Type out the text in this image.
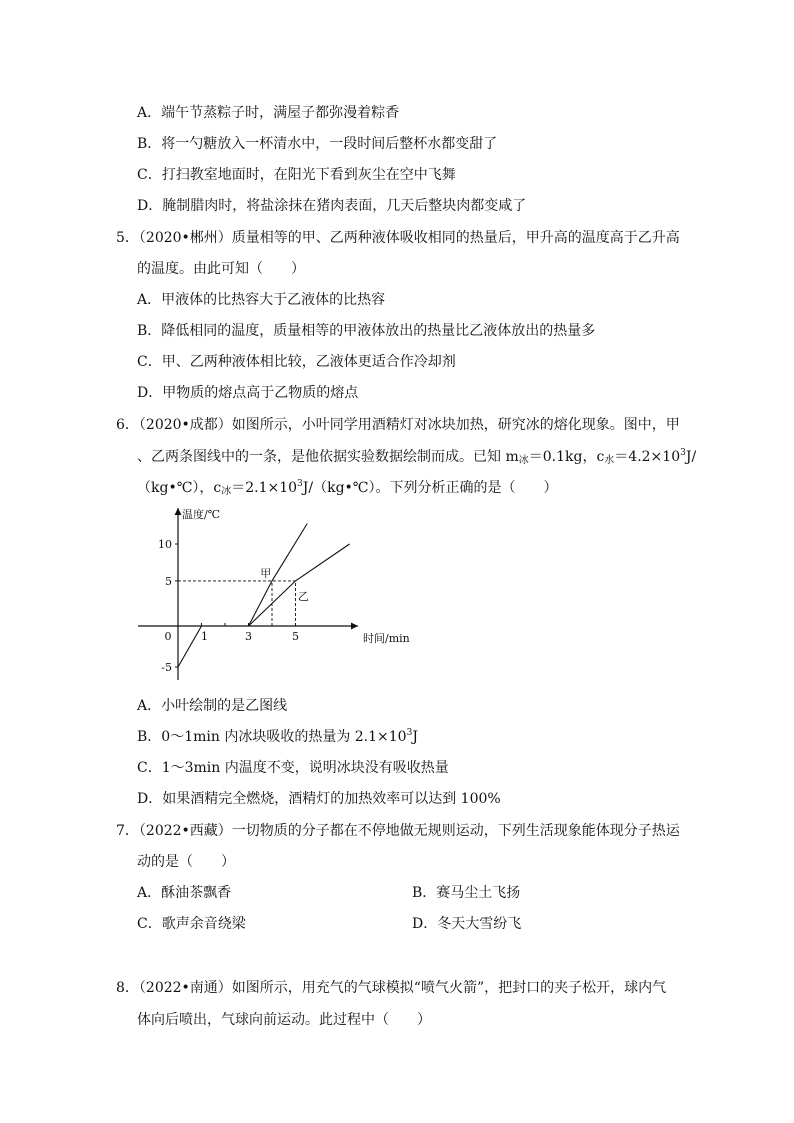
A．端午节蒸粽子时，满屋子都弥漫着粽香
B．将一勺糖放入一杯清水中，一段时间后整杯水都变甜了
C．打扫教室地面时，在阳光下看到灰尘在空中飞舞
D．腌制腊肉时，将盐涂抹在猪肉表面，几天后整块肉都变咸了
5．（2020•郴州）质量相等的甲、乙两种液体吸收相同的热量后，甲升高的温度高于乙升高
的温度。由此可知（　　）
A．甲液体的比热容大于乙液体的比热容
B．降低相同的温度，质量相等的甲液体放出的热量比乙液体放出的热量多
C．甲、乙两种液体相比较，乙液体更适合作冷却剂
D．甲物质的熔点高于乙物质的熔点
6．（2020•成都）如图所示，小叶同学用酒精灯对冰块加热，研究冰的熔化现象。图中，甲
、乙两条图线中的一条，是他依据实验数据绘制而成。已知 $m_冰=0.1kg$，$c_水=4.2\times 10^3J/$
（kg•℃），$c_冰=2.1\times 10^3J/(kg•℃)$。下列分析正确的是（　　）
温度/℃
时间/min
10
5
-5
0	1	3	5
甲
乙
A．小叶绘制的是乙图线
B．0～1min 内冰块吸收的热量为 $2.1\times 10^3J$
C．1～3min 内温度不变，说明冰块没有吸收热量
D．如果酒精完全燃烧，酒精灯的加热效率可以达到 100%
7．（2022•西藏）一切物质的分子都在不停地做无规则运动，下列生活现象能体现分子热运
动的是（　　）
A．酥油茶飘香	B．赛马尘土飞扬
C．歌声余音绕梁	D．冬天大雪纷飞
8．（2022•南通）如图所示，用充气的气球模拟“喷气火箭”，把封口的夹子松开，球内气
体向后喷出，气球向前运动。此过程中（　　）
